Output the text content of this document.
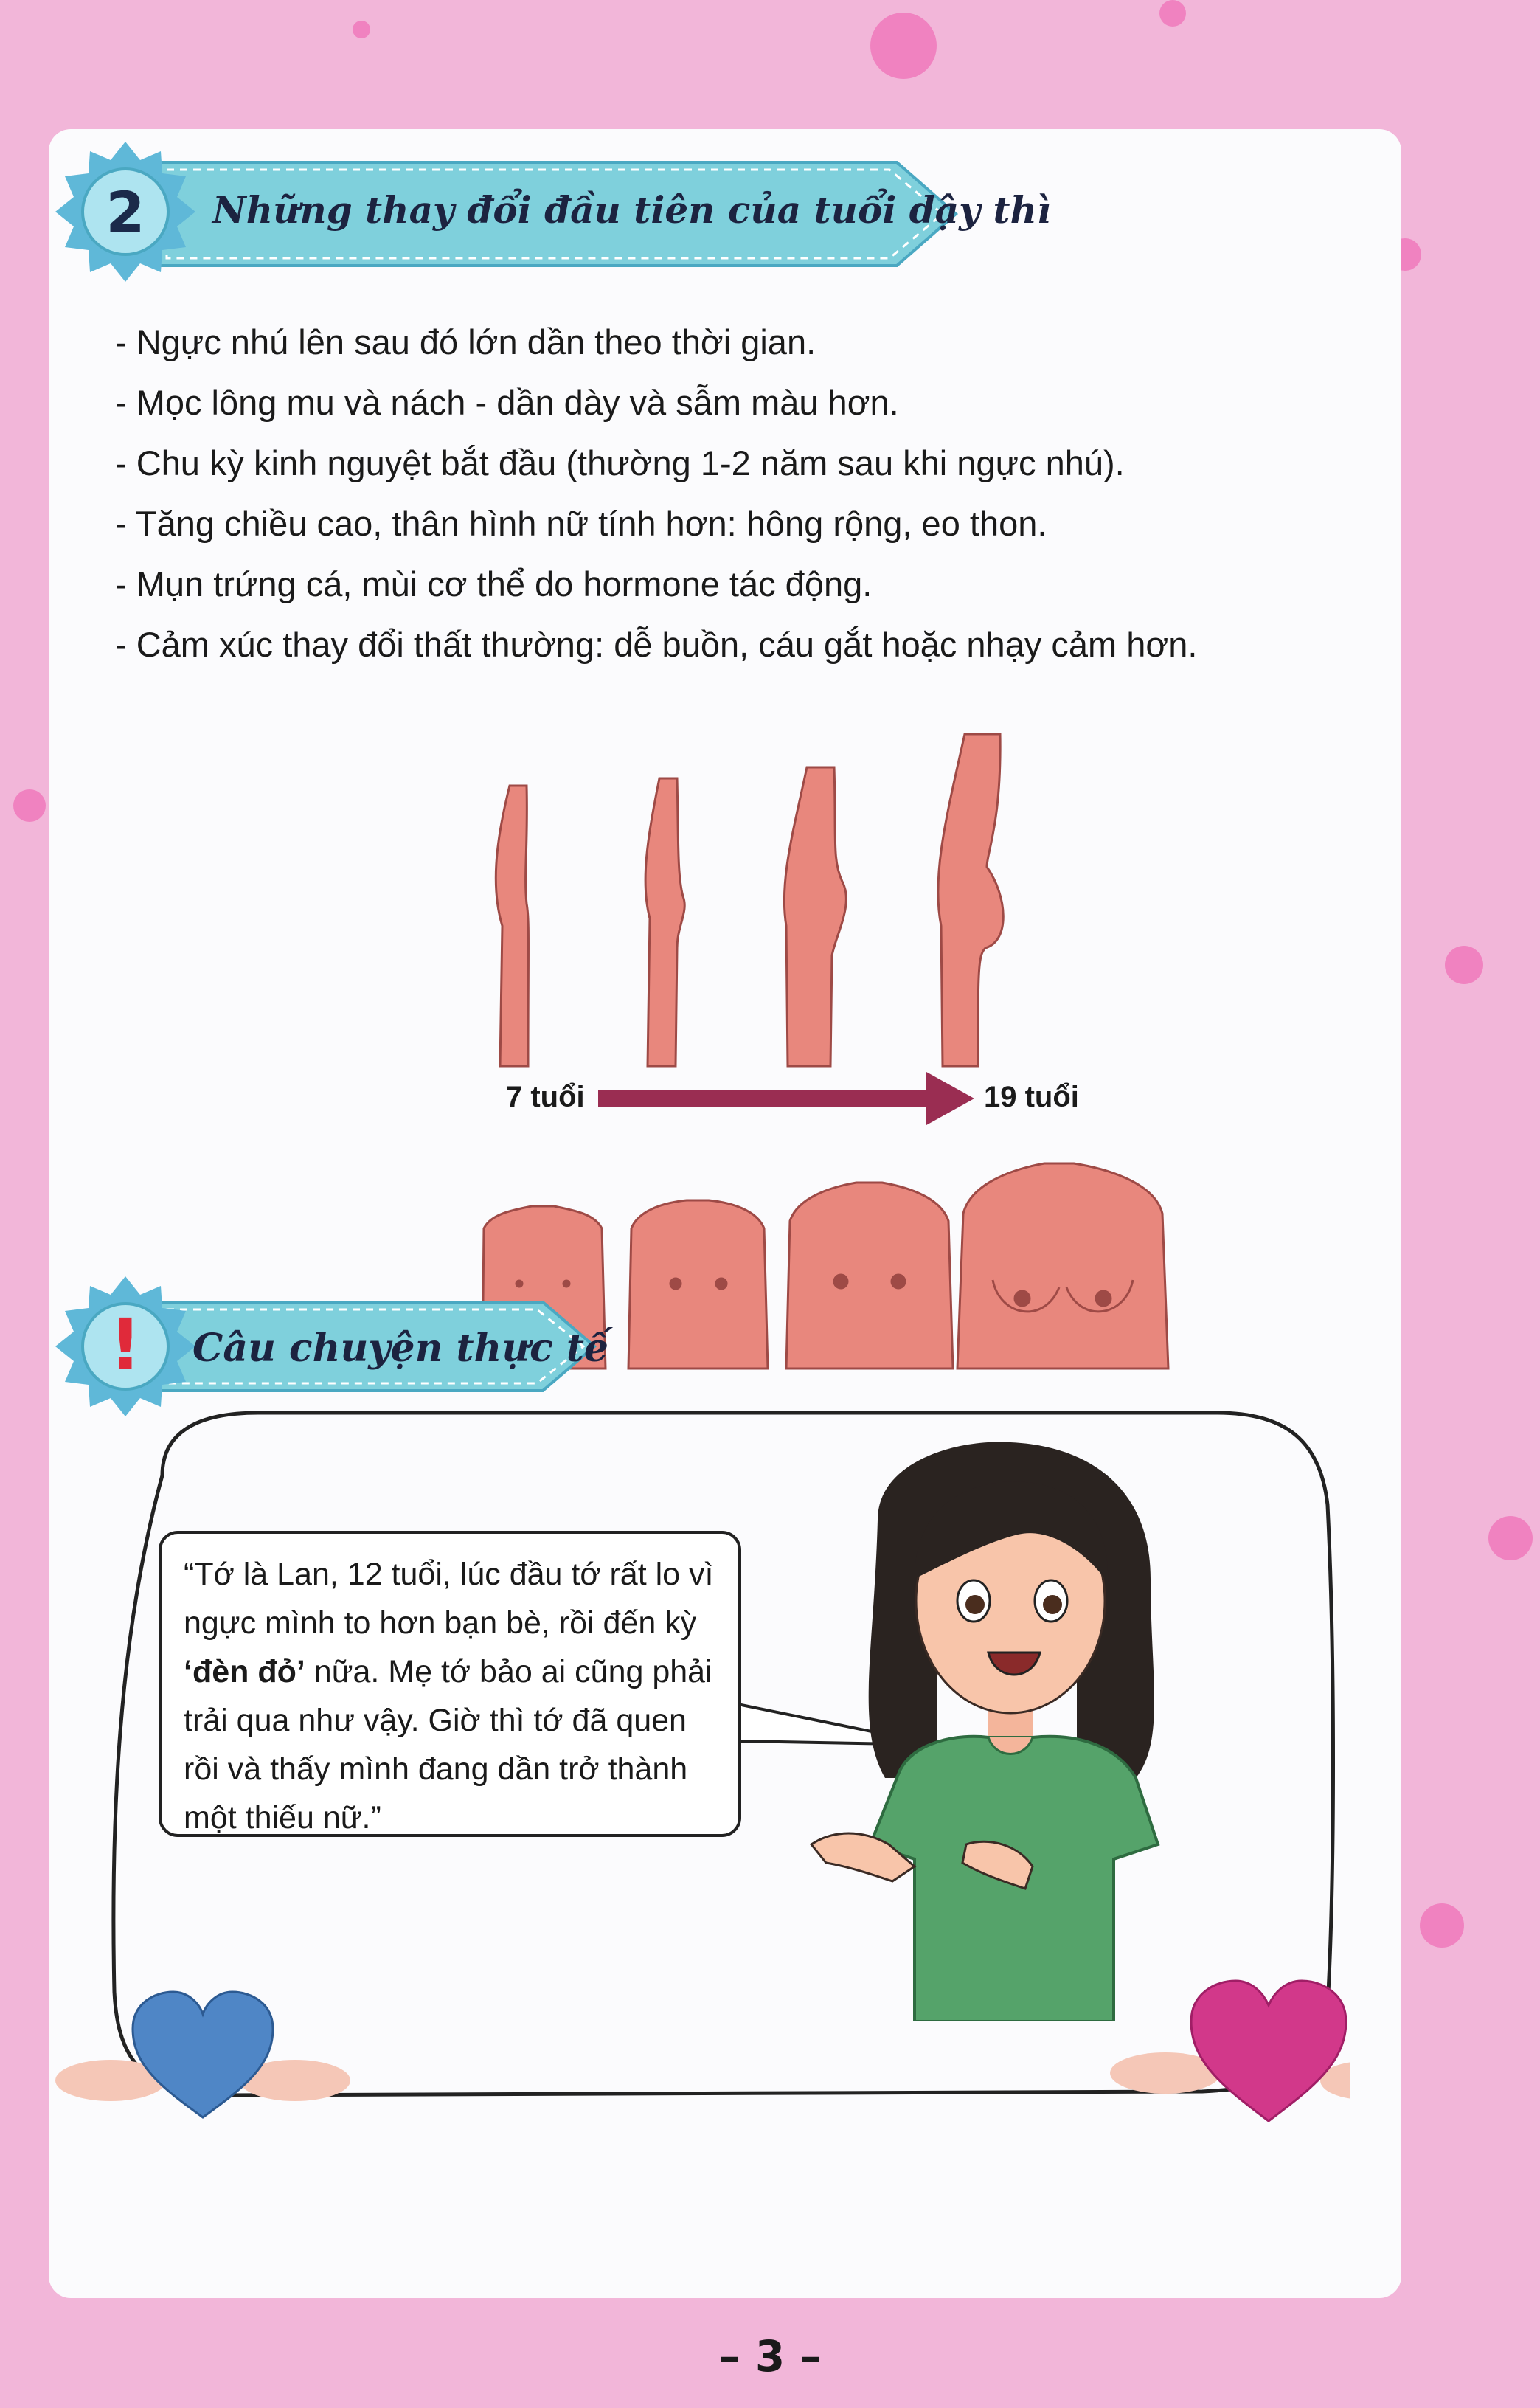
2 Những thay đổi đầu tiên của tuổi dậy thì
- Ngực nhú lên sau đó lớn dần theo thời gian.
- Mọc lông mu và nách - dần dày và sẫm màu hơn.
- Chu kỳ kinh nguyệt bắt đầu (thường 1-2 năm sau khi ngực nhú).
- Tăng chiều cao, thân hình nữ tính hơn: hông rộng, eo thon.
- Mụn trứng cá, mùi cơ thể do hormone tác động.
- Cảm xúc thay đổi thất thường: dễ buồn, cáu gắt hoặc nhạy cảm hơn.
7 tuổi	19 tuổi
!	Câu chuyện thực tế
“Tớ là Lan, 12 tuổi, lúc đầu tớ rất lo vì ngực mình to hơn bạn bè, rồi đến kỳ ‘đèn đỏ’ nữa. Mẹ tớ bảo ai cũng phải trải qua như vậy. Giờ thì tớ đã quen rồi và thấy mình đang dần trở thành một thiếu nữ.”
– 3 –
